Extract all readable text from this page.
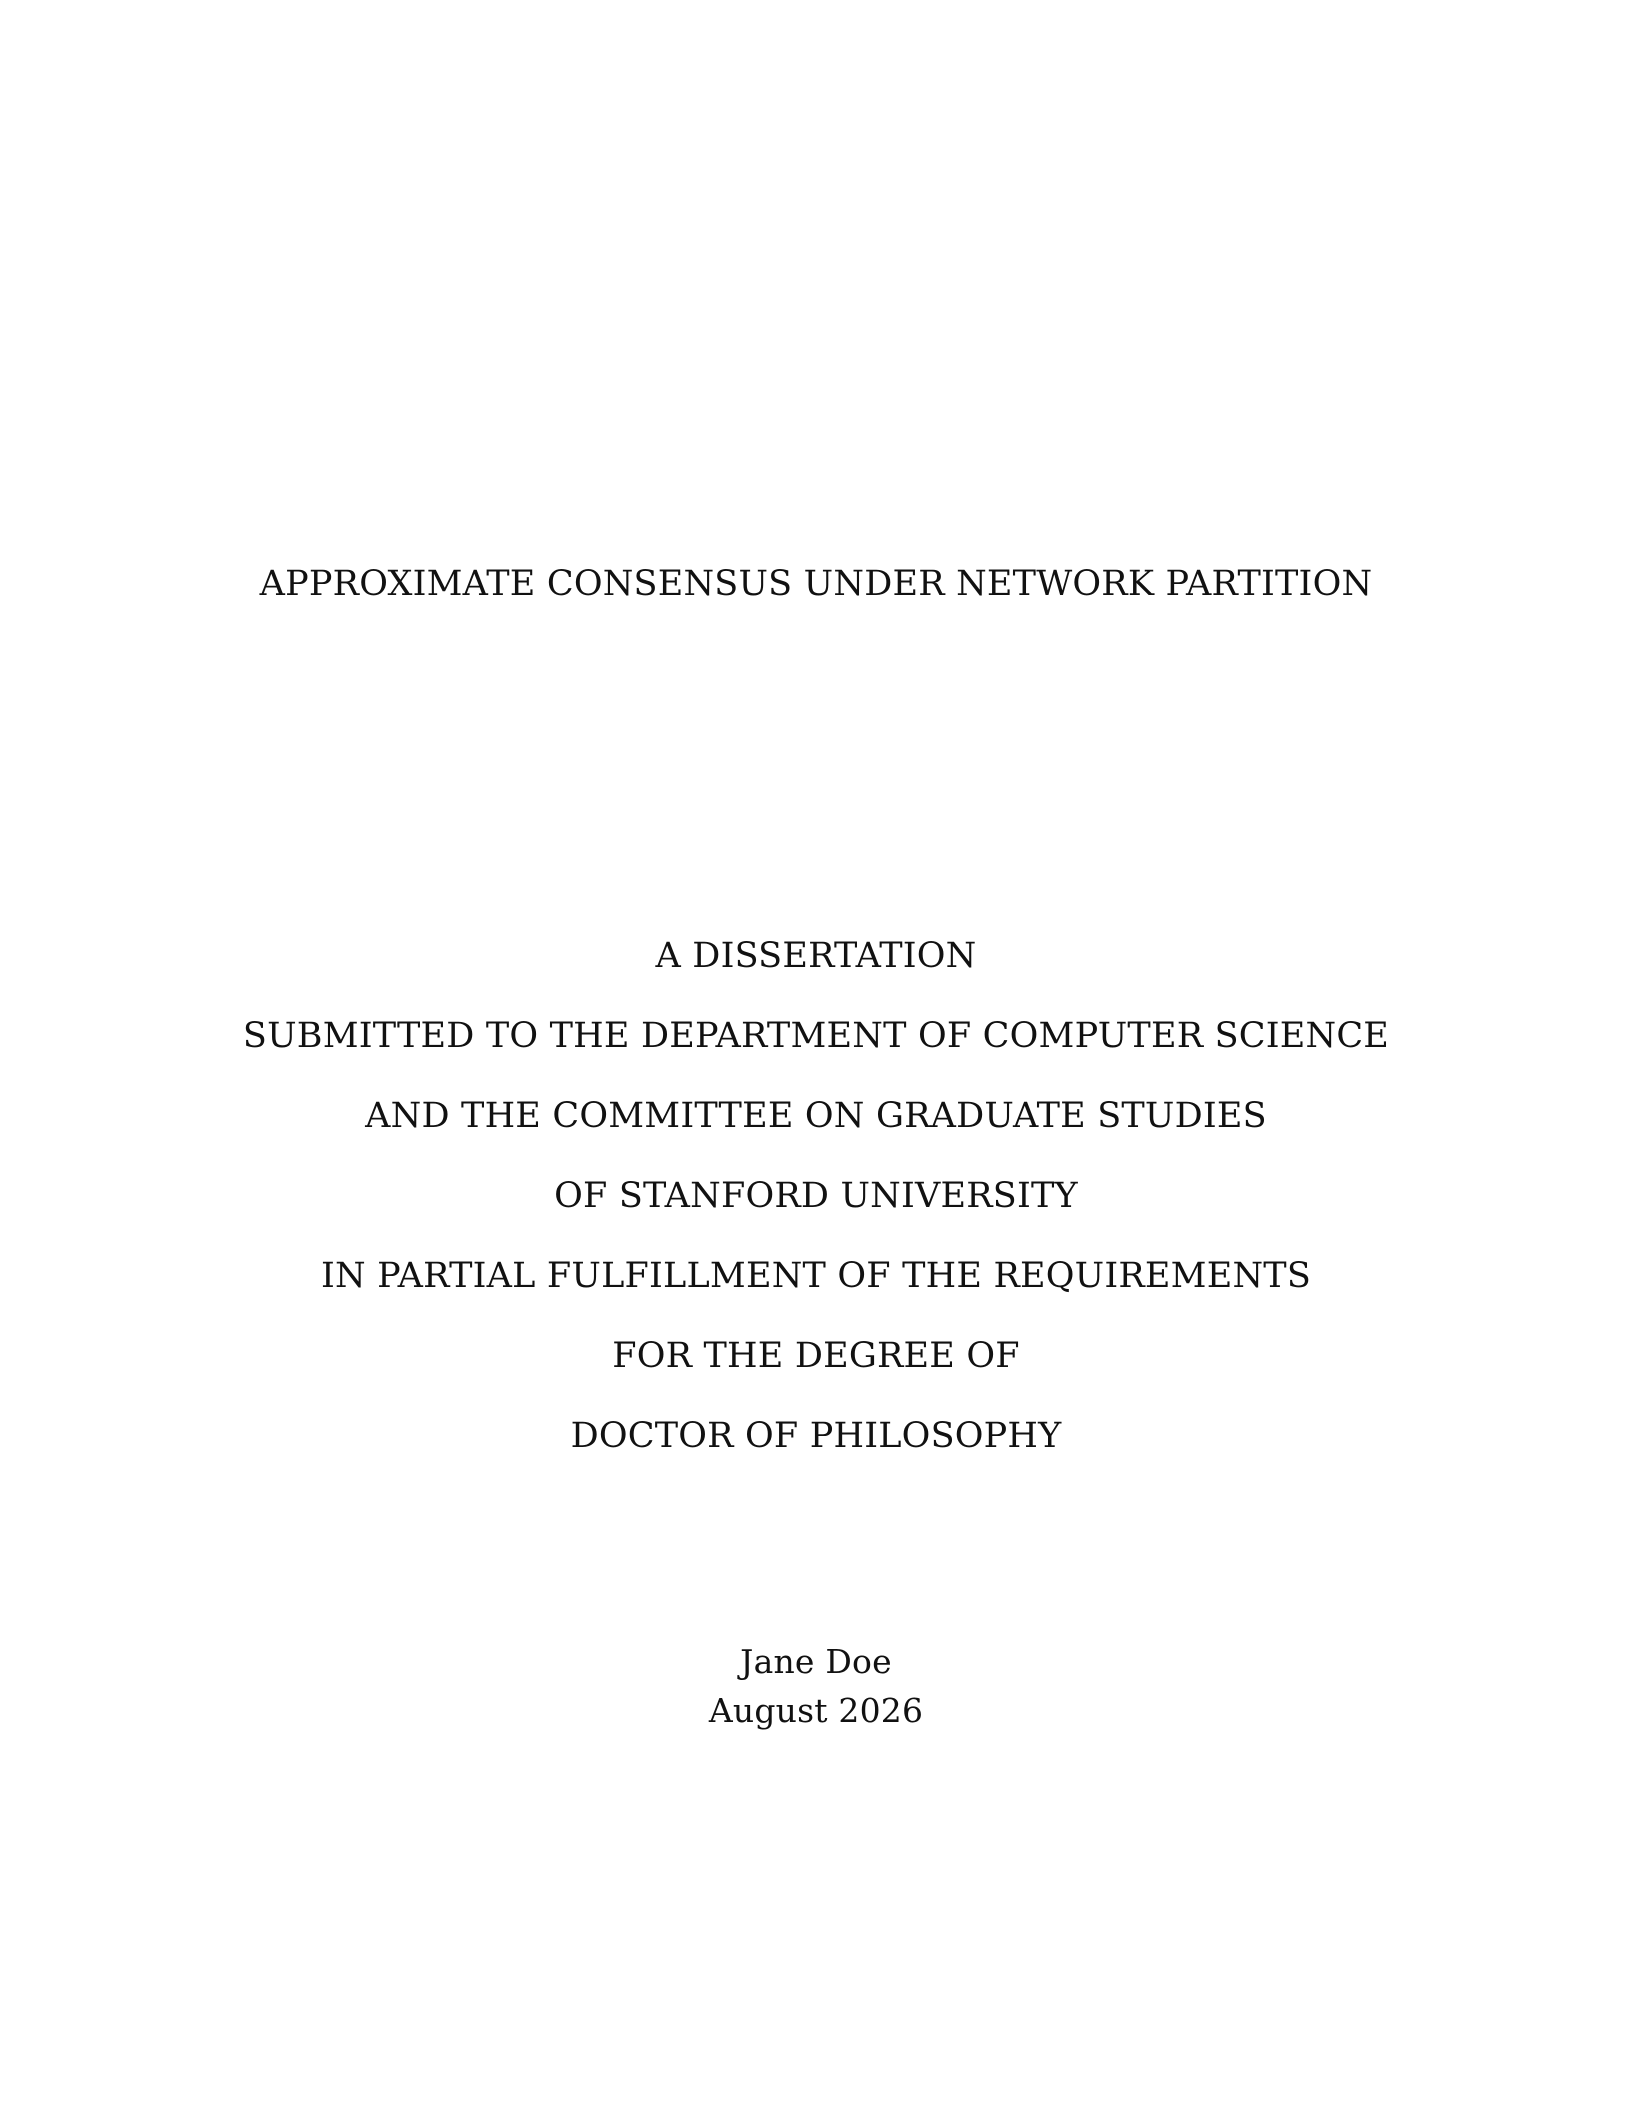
APPROXIMATE CONSENSUS UNDER NETWORK PARTITION
A DISSERTATION
SUBMITTED TO THE DEPARTMENT OF COMPUTER SCIENCE
AND THE COMMITTEE ON GRADUATE STUDIES
OF STANFORD UNIVERSITY
IN PARTIAL FULFILLMENT OF THE REQUIREMENTS
FOR THE DEGREE OF
DOCTOR OF PHILOSOPHY
Jane Doe
August 2026
